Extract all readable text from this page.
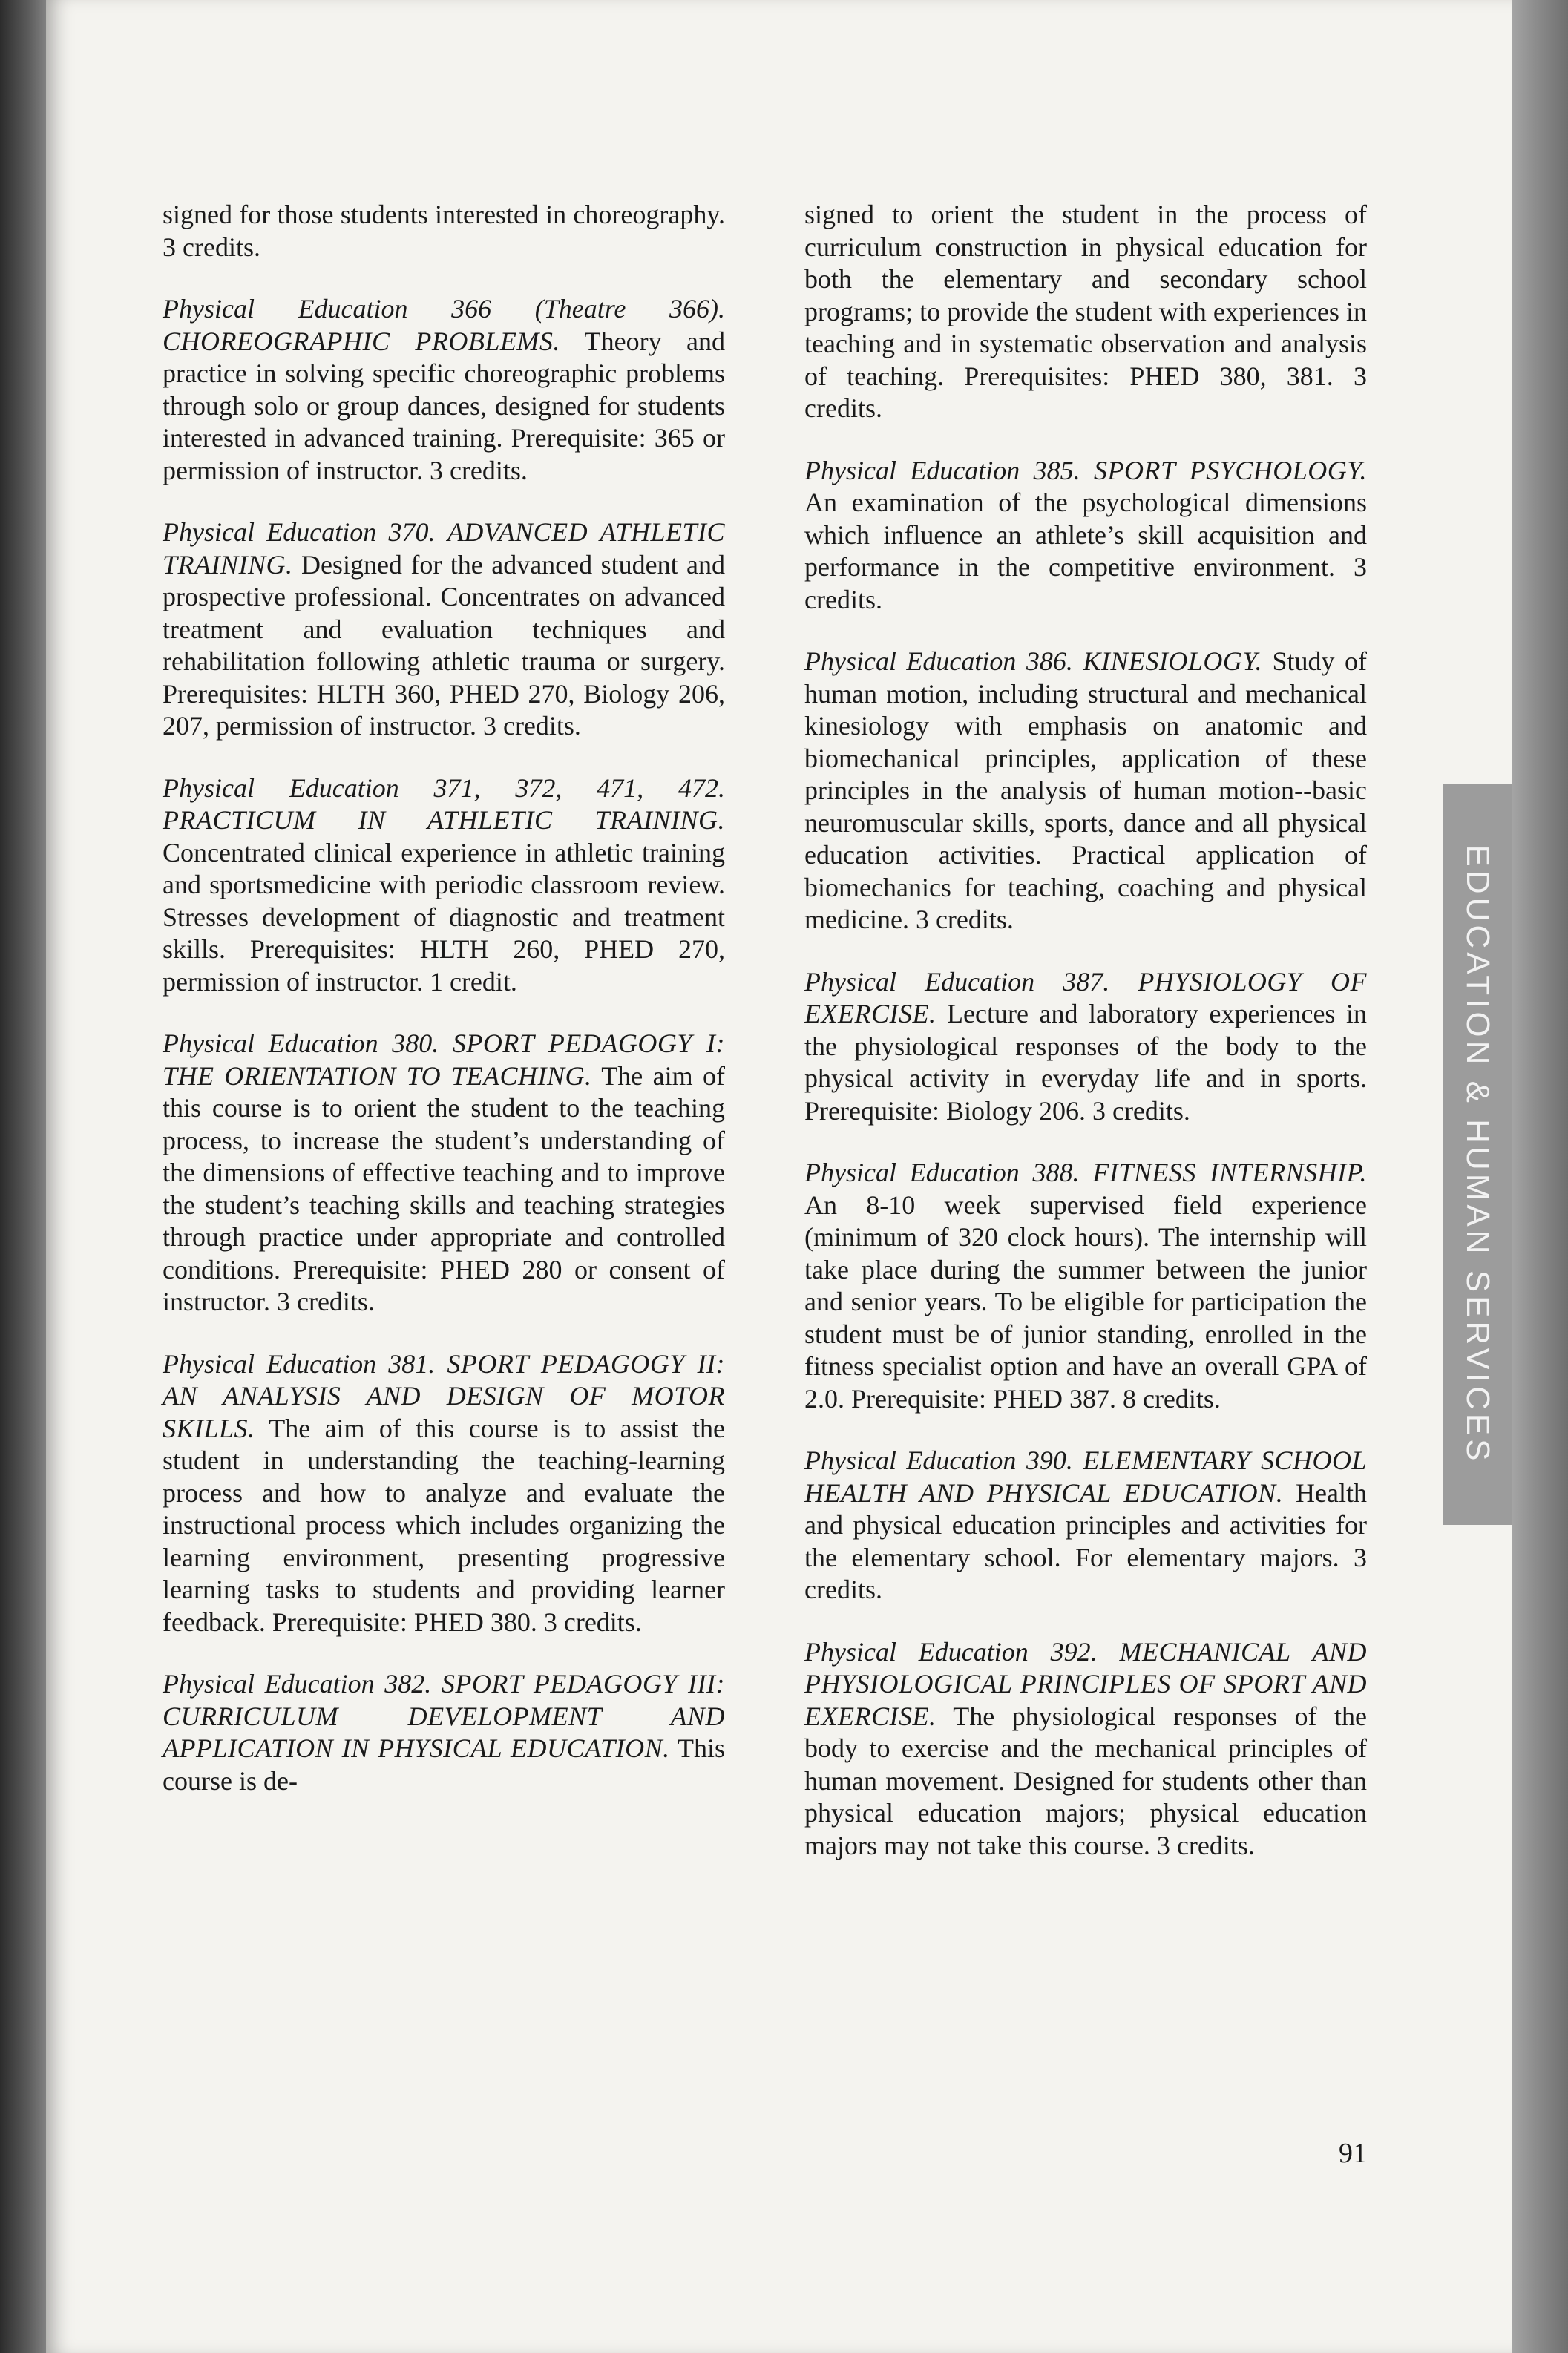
signed for those students interested in choreography. 3 credits.

Physical Education 366 (Theatre 366). CHOREOGRAPHIC PROBLEMS. Theory and practice in solving specific choreographic problems through solo or group dances, designed for students interested in advanced training. Prerequisite: 365 or permission of instructor. 3 credits.

Physical Education 370. ADVANCED ATHLETIC TRAINING. Designed for the advanced student and prospective professional. Concentrates on advanced treatment and evaluation techniques and rehabilitation following athletic trauma or surgery. Prerequisites: HLTH 360, PHED 270, Biology 206, 207, permission of instructor. 3 credits.

Physical Education 371, 372, 471, 472. PRACTICUM IN ATHLETIC TRAINING. Concentrated clinical experience in athletic training and sportsmedicine with periodic classroom review. Stresses development of diagnostic and treatment skills. Prerequisites: HLTH 260, PHED 270, permission of instructor. 1 credit.

Physical Education 380. SPORT PEDAGOGY I: THE ORIENTATION TO TEACHING. The aim of this course is to orient the student to the teaching process, to increase the student’s understanding of the dimensions of effective teaching and to improve the student’s teaching skills and teaching strategies through practice under appropriate and controlled conditions. Prerequisite: PHED 280 or consent of instructor. 3 credits.

Physical Education 381. SPORT PEDAGOGY II: AN ANALYSIS AND DESIGN OF MOTOR SKILLS. The aim of this course is to assist the student in understanding the teaching-learning process and how to analyze and evaluate the instructional process which includes organizing the learning environment, presenting progressive learning tasks to students and providing learner feedback. Prerequisite: PHED 380. 3 credits.

Physical Education 382. SPORT PEDAGOGY III: CURRICULUM DEVELOPMENT AND APPLICATION IN PHYSICAL EDUCATION. This course is de-

signed to orient the student in the process of curriculum construction in physical education for both the elementary and secondary school programs; to provide the student with experiences in teaching and in systematic observation and analysis of teaching. Prerequisites: PHED 380, 381. 3 credits.

Physical Education 385. SPORT PSYCHOLOGY. An examination of the psychological dimensions which influence an athlete’s skill acquisition and performance in the competitive environment. 3 credits.

Physical Education 386. KINESIOLOGY. Study of human motion, including structural and mechanical kinesiology with emphasis on anatomic and biomechanical principles, application of these principles in the analysis of human motion--basic neuromuscular skills, sports, dance and all physical education activities. Practical application of biomechanics for teaching, coaching and physical medicine. 3 credits.

Physical Education 387. PHYSIOLOGY OF EXERCISE. Lecture and laboratory experiences in the physiological responses of the body to the physical activity in everyday life and in sports. Prerequisite: Biology 206. 3 credits.

Physical Education 388. FITNESS INTERNSHIP. An 8-10 week supervised field experience (minimum of 320 clock hours). The internship will take place during the summer between the junior and senior years. To be eligible for participation the student must be of junior standing, enrolled in the fitness specialist option and have an overall GPA of 2.0. Prerequisite: PHED 387. 8 credits.

Physical Education 390. ELEMENTARY SCHOOL HEALTH AND PHYSICAL EDUCATION. Health and physical education principles and activities for the elementary school. For elementary majors. 3 credits.

Physical Education 392. MECHANICAL AND PHYSIOLOGICAL PRINCIPLES OF SPORT AND EXERCISE. The physiological responses of the body to exercise and the mechanical principles of human movement. Designed for students other than physical education majors; physical education majors may not take this course. 3 credits.

EDUCATION & HUMAN SERVICES
91
